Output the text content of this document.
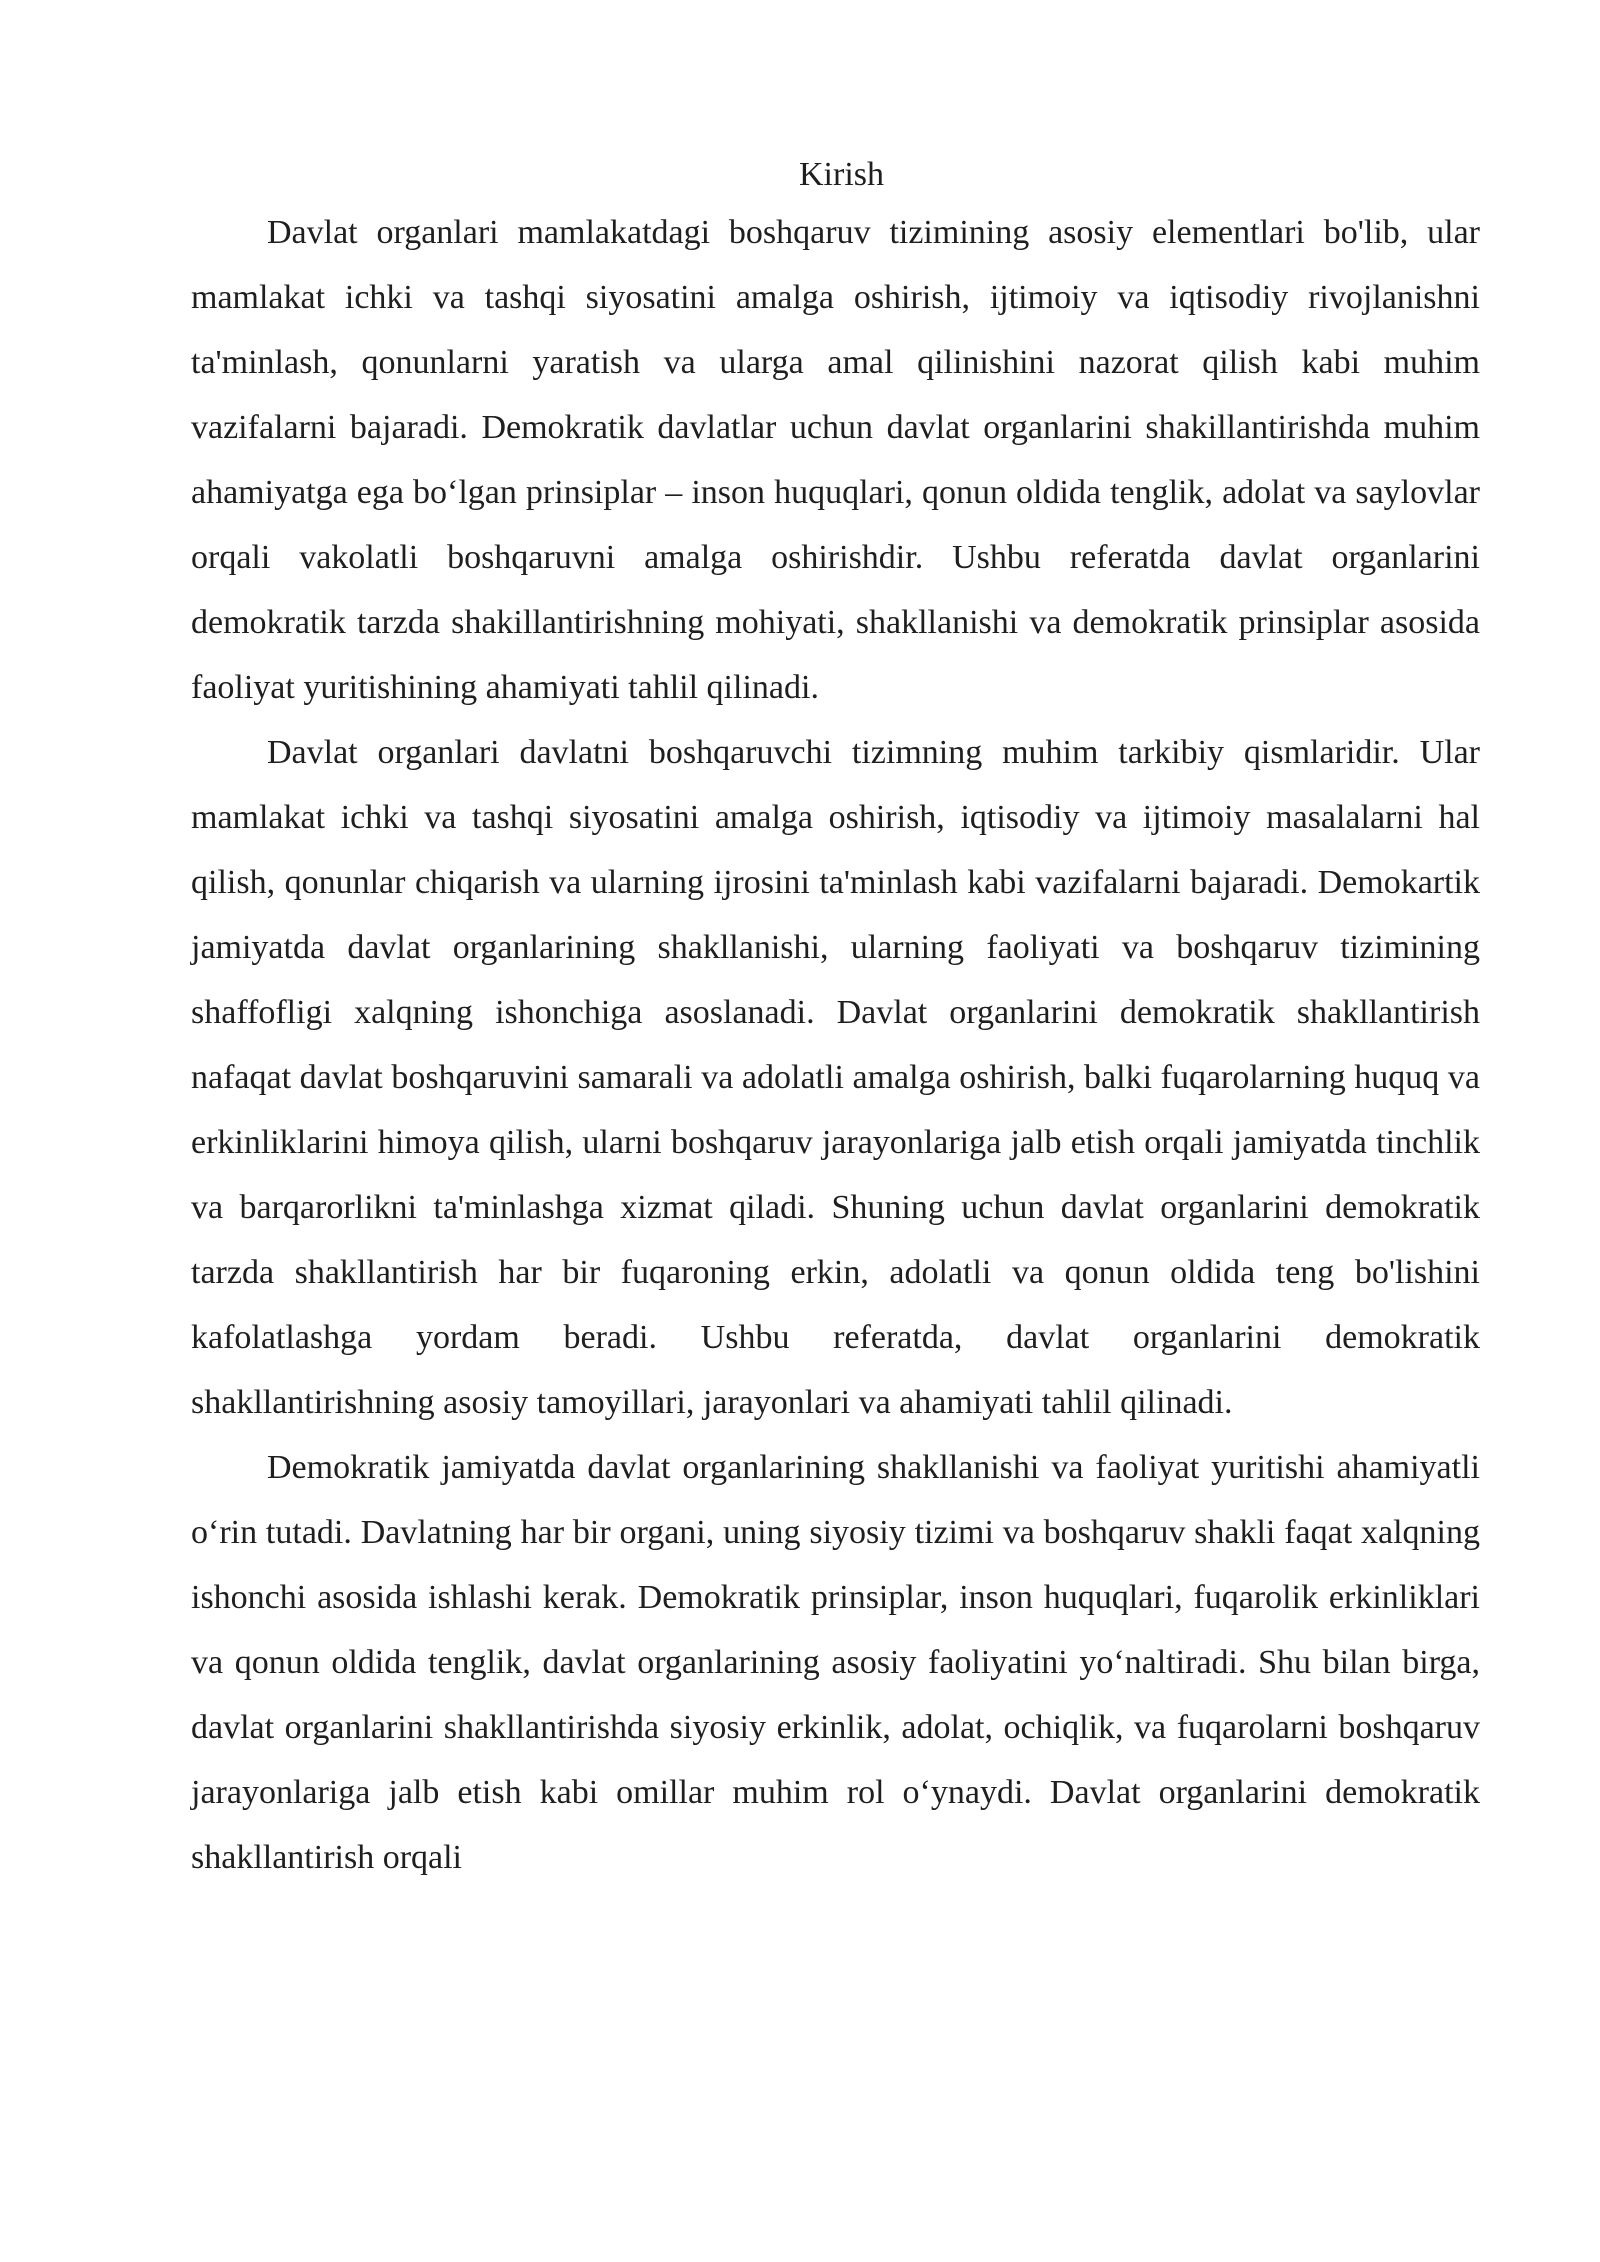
Kirish

Davlat organlari mamlakatdagi boshqaruv tizimining asosiy elementlari bo'lib, ular mamlakat ichki va tashqi siyosatini amalga oshirish, ijtimoiy va iqtisodiy rivojlanishni ta'minlash, qonunlarni yaratish va ularga amal qilinishini nazorat qilish kabi muhim vazifalarni bajaradi. Demokratik davlatlar uchun davlat organlarini shakillantirishda muhim ahamiyatga ega bo‘lgan prinsiplar – inson huquqlari, qonun oldida tenglik, adolat va saylovlar orqali vakolatli boshqaruvni amalga oshirishdir. Ushbu referatda davlat organlarini demokratik tarzda shakillantirishning mohiyati, shakllanishi va demokratik prinsiplar asosida faoliyat yuritishining ahamiyati tahlil qilinadi.

Davlat organlari davlatni boshqaruvchi tizimning muhim tarkibiy qismlaridir. Ular mamlakat ichki va tashqi siyosatini amalga oshirish, iqtisodiy va ijtimoiy masalalarni hal qilish, qonunlar chiqarish va ularning ijrosini ta'minlash kabi vazifalarni bajaradi. Demokartik jamiyatda davlat organlarining shakllanishi, ularning faoliyati va boshqaruv tizimining shaffofligi xalqning ishonchiga asoslanadi. Davlat organlarini demokratik shakllantirish nafaqat davlat boshqaruvini samarali va adolatli amalga oshirish, balki fuqarolarning huquq va erkinliklarini himoya qilish, ularni boshqaruv jarayonlariga jalb etish orqali jamiyatda tinchlik va barqarorlikni ta'minlashga xizmat qiladi. Shuning uchun davlat organlarini demokratik tarzda shakllantirish har bir fuqaroning erkin, adolatli va qonun oldida teng bo'lishini kafolatlashga yordam beradi. Ushbu referatda, davlat organlarini demokratik shakllantirishning asosiy tamoyillari, jarayonlari va ahamiyati tahlil qilinadi.

Demokratik jamiyatda davlat organlarining shakllanishi va faoliyat yuritishi ahamiyatli o‘rin tutadi. Davlatning har bir organi, uning siyosiy tizimi va boshqaruv shakli faqat xalqning ishonchi asosida ishlashi kerak. Demokratik prinsiplar, inson huquqlari, fuqarolik erkinliklari va qonun oldida tenglik, davlat organlarining asosiy faoliyatini yo‘naltiradi. Shu bilan birga, davlat organlarini shakllantirishda siyosiy erkinlik, adolat, ochiqlik, va fuqarolarni boshqaruv jarayonlariga jalb etish kabi omillar muhim rol o‘ynaydi. Davlat organlarini demokratik shakllantirish orqali
